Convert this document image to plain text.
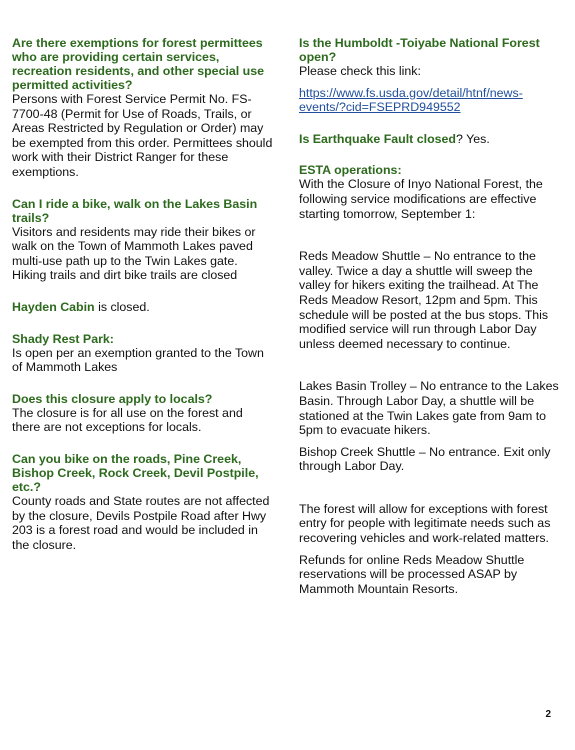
Are there exemptions for forest permittees who are providing certain services, recreation residents, and other special use permitted activities?

Persons with Forest Service Permit No. FS-7700-48 (Permit for Use of Roads, Trails, or Areas Restricted by Regulation or Order) may be exempted from this order. Permittees should work with their District Ranger for these exemptions.

Can I ride a bike, walk on the Lakes Basin trails?

Visitors and residents may ride their bikes or walk on the Town of Mammoth Lakes paved multi-use path up to the Twin Lakes gate. Hiking trails and dirt bike trails are closed

Hayden Cabin is closed.

Shady Rest Park:

Is open per an exemption granted to the Town of Mammoth Lakes

Does this closure apply to locals?

The closure is for all use on the forest and there are not exceptions for locals.

Can you bike on the roads, Pine Creek, Bishop Creek, Rock Creek, Devil Postpile, etc.?

County roads and State routes are not affected by the closure, Devils Postpile Road after Hwy 203 is a forest road and would be included in the closure.

Is the Humboldt -Toiyabe National Forest open?

Please check this link:

https://www.fs.usda.gov/detail/htnf/news-events/?cid=FSEPRD949552

Is Earthquake Fault closed? Yes.

ESTA operations:

With the Closure of Inyo National Forest, the following service modifications are effective starting tomorrow, September 1:

Reds Meadow Shuttle – No entrance to the valley. Twice a day a shuttle will sweep the valley for hikers exiting the trailhead. At The Reds Meadow Resort, 12pm and 5pm. This schedule will be posted at the bus stops. This modified service will run through Labor Day unless deemed necessary to continue.

Lakes Basin Trolley – No entrance to the Lakes Basin. Through Labor Day, a shuttle will be stationed at the Twin Lakes gate from 9am to 5pm to evacuate hikers.

Bishop Creek Shuttle – No entrance. Exit only through Labor Day.

The forest will allow for exceptions with forest entry for people with legitimate needs such as recovering vehicles and work-related matters.

Refunds for online Reds Meadow Shuttle reservations will be processed ASAP by Mammoth Mountain Resorts.

2
